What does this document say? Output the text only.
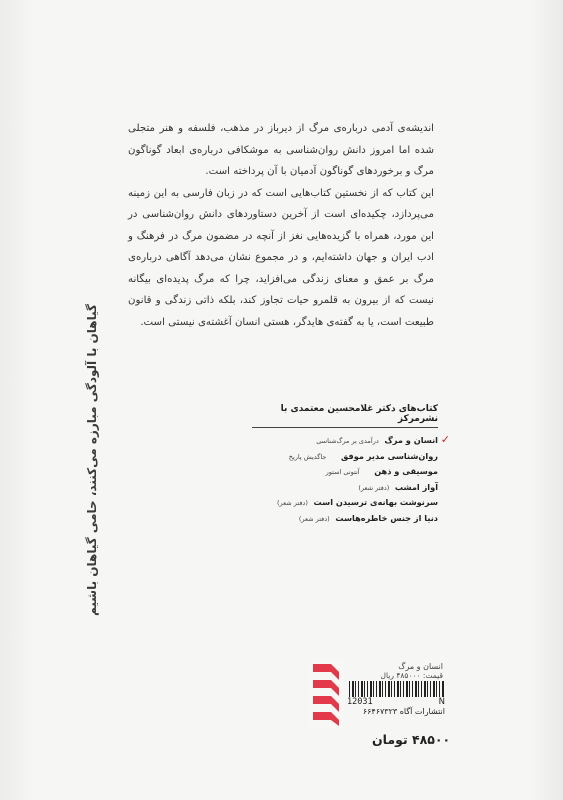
اندیشه‌ی آدمی درباره‌ی مرگ از دیرباز در مذهب، فلسفه و هنر متجلی شده اما امروز دانش روان‌شناسی به موشکافی درباره‌ی ابعاد گوناگون مرگ و برخوردهای گوناگون آدمیان با آن پرداخته است.

این کتاب که از نخستین کتاب‌هایی است که در زبان فارسی به این زمینه می‌پردازد، چکیده‌ای است از آخرین دستاوردهای دانش روان‌شناسی در این مورد، همراه با گزیده‌هایی نغز از آنچه در مضمون مرگ در فرهنگ و ادب ایران و جهان داشته‌ایم، و در مجموع نشان می‌دهد آگاهی درباره‌ی مرگ بر عمق و معنای زندگی می‌افزاید، چرا که مرگ پدیده‌ای بیگانه نیست که از بیرون به قلمرو حیات تجاوز کند، بلکه ذاتی زندگی و قانون طبیعت است، یا به گفته‌ی هایدگر، هستی انسان آغشته‌ی نیستی است.

گیاهان با آلودگی مبارزه می‌کنند، حامی گیاهان باشیم	کتاب‌های دکتر غلامحسین معتمدی با نشرمرکز
✓
انسان و مرگ درآمدی بر مرگ‌شناسی
روان‌شناسی مدیر موفق جاگدیش پاریخ
موسیقی و ذهن آنتونی استور
آواز امشب (دفتر شعر)
سرنوشت بهانه‌ی ترسیدن است (دفتر شعر)
دنیا از جنس خاطره‌هاست (دفتر شعر)
انسان و مرگ
قیمت: ۴۸۵۰۰۰ ریال
12031	N
انتشارات آگاه ۶۶۴۶۷۳۲۳
۴۸۵۰۰ تومان
